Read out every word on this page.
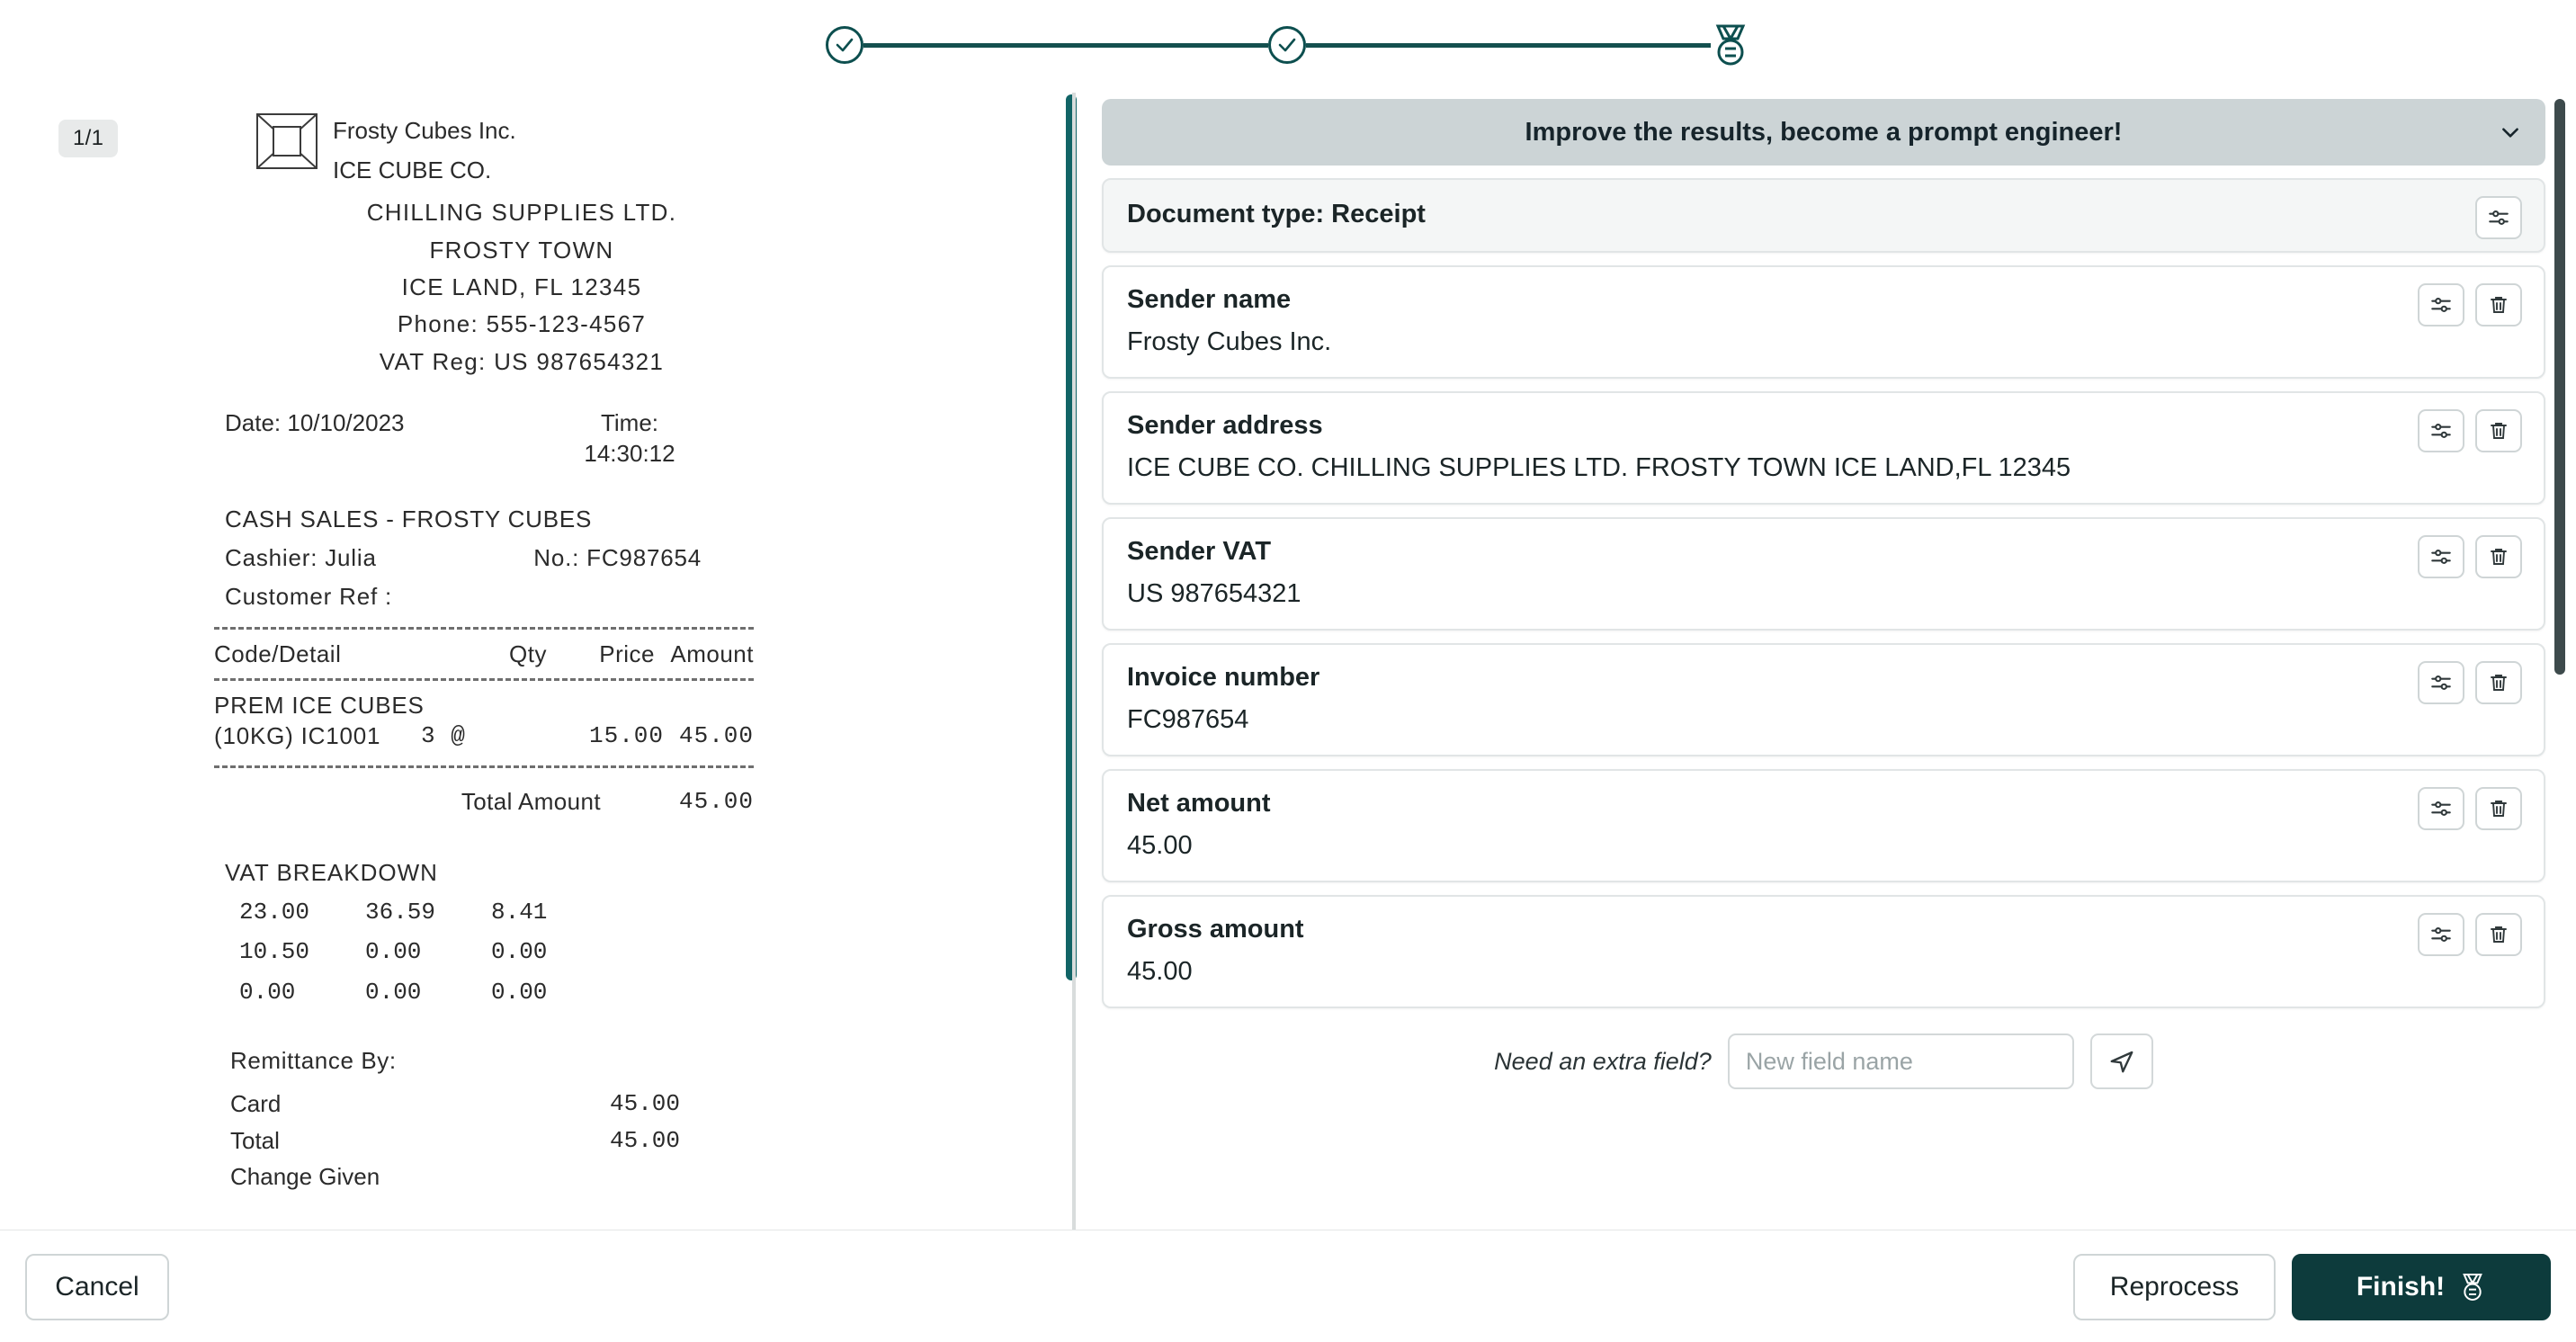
1/1	Frosty Cubes Inc.
ICE CUBE CO.
CHILLING SUPPLIES LTD.
FROSTY TOWN
ICE LAND, FL 12345
Phone: 555-123-4567
VAT Reg: US 987654321
Date: 10/10/2023	Time:
14:30:12
CASH SALES - FROSTY CUBES
Cashier: Julia	No.: FC987654
Customer Ref :
Code/Detail	Qty	Price Amount
PREM ICE CUBES
(10KG) IC1001	3 @	15.00 45.00
Total Amount	45.00
VAT BREAKDOWN
23.00	36.59	8.41
10.50	0.00	0.00
0.00	0.00	0.00
Remittance By:
Card	45.00
Total	45.00
Change Given
Improve the results, become a prompt engineer!
Document type: Receipt
Sender name
Frosty Cubes Inc.
Sender address
ICE CUBE CO. CHILLING SUPPLIES LTD. FROSTY TOWN ICE LAND,FL 12345
Sender VAT
US 987654321
Invoice number
FC987654
Net amount
45.00
Gross amount
45.00
Need an extra field?
New field name
Cancel	Reprocess	Finish!
